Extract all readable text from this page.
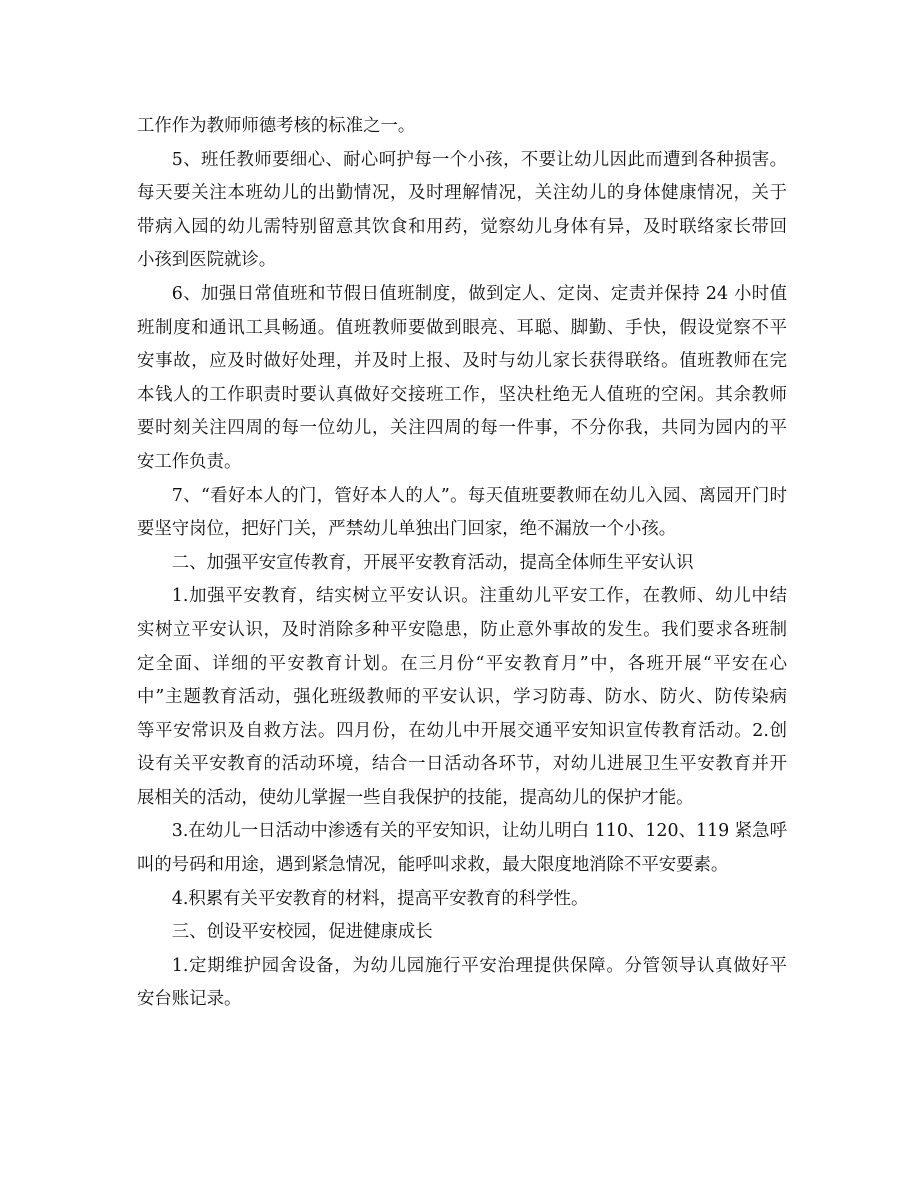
工作作为教师师德考核的标准之一。
5、班任教师要细心、耐心呵护每一个小孩，不要让幼儿因此而遭到各种损害。
每天要关注本班幼儿的出勤情况，及时理解情况，关注幼儿的身体健康情况，关于
带病入园的幼儿需特别留意其饮食和用药，觉察幼儿身体有异，及时联络家长带回
小孩到医院就诊。
6、加强日常值班和节假日值班制度，做到定人、定岗、定责并保持 24 小时值
班制度和通讯工具畅通。值班教师要做到眼亮、耳聪、脚勤、手快，假设觉察不平
安事故，应及时做好处理，并及时上报、及时与幼儿家长获得联络。值班教师在完
本钱人的工作职责时要认真做好交接班工作，坚决杜绝无人值班的空闲。其余教师
要时刻关注四周的每一位幼儿，关注四周的每一件事，不分你我，共同为园内的平
安工作负责。
7、“看好本人的门，管好本人的人”。每天值班要教师在幼儿入园、离园开门时
要坚守岗位，把好门关，严禁幼儿单独出门回家，绝不漏放一个小孩。
二、加强平安宣传教育，开展平安教育活动，提高全体师生平安认识
1.加强平安教育，结实树立平安认识。注重幼儿平安工作，在教师、幼儿中结
实树立平安认识，及时消除多种平安隐患，防止意外事故的发生。我们要求各班制
定全面、详细的平安教育计划。在三月份“平安教育月”中，各班开展“平安在心
中”主题教育活动，强化班级教师的平安认识，学习防毒、防水、防火、防传染病
等平安常识及自救方法。四月份，在幼儿中开展交通平安知识宣传教育活动。2.创
设有关平安教育的活动环境，结合一日活动各环节，对幼儿进展卫生平安教育并开
展相关的活动，使幼儿掌握一些自我保护的技能，提高幼儿的保护才能。
3.在幼儿一日活动中渗透有关的平安知识，让幼儿明白 110、120、119 紧急呼
叫的号码和用途，遇到紧急情况，能呼叫求救，最大限度地消除不平安要素。
4.积累有关平安教育的材料，提高平安教育的科学性。
三、创设平安校园，促进健康成长
1.定期维护园舍设备，为幼儿园施行平安治理提供保障。分管领导认真做好平
安台账记录。
